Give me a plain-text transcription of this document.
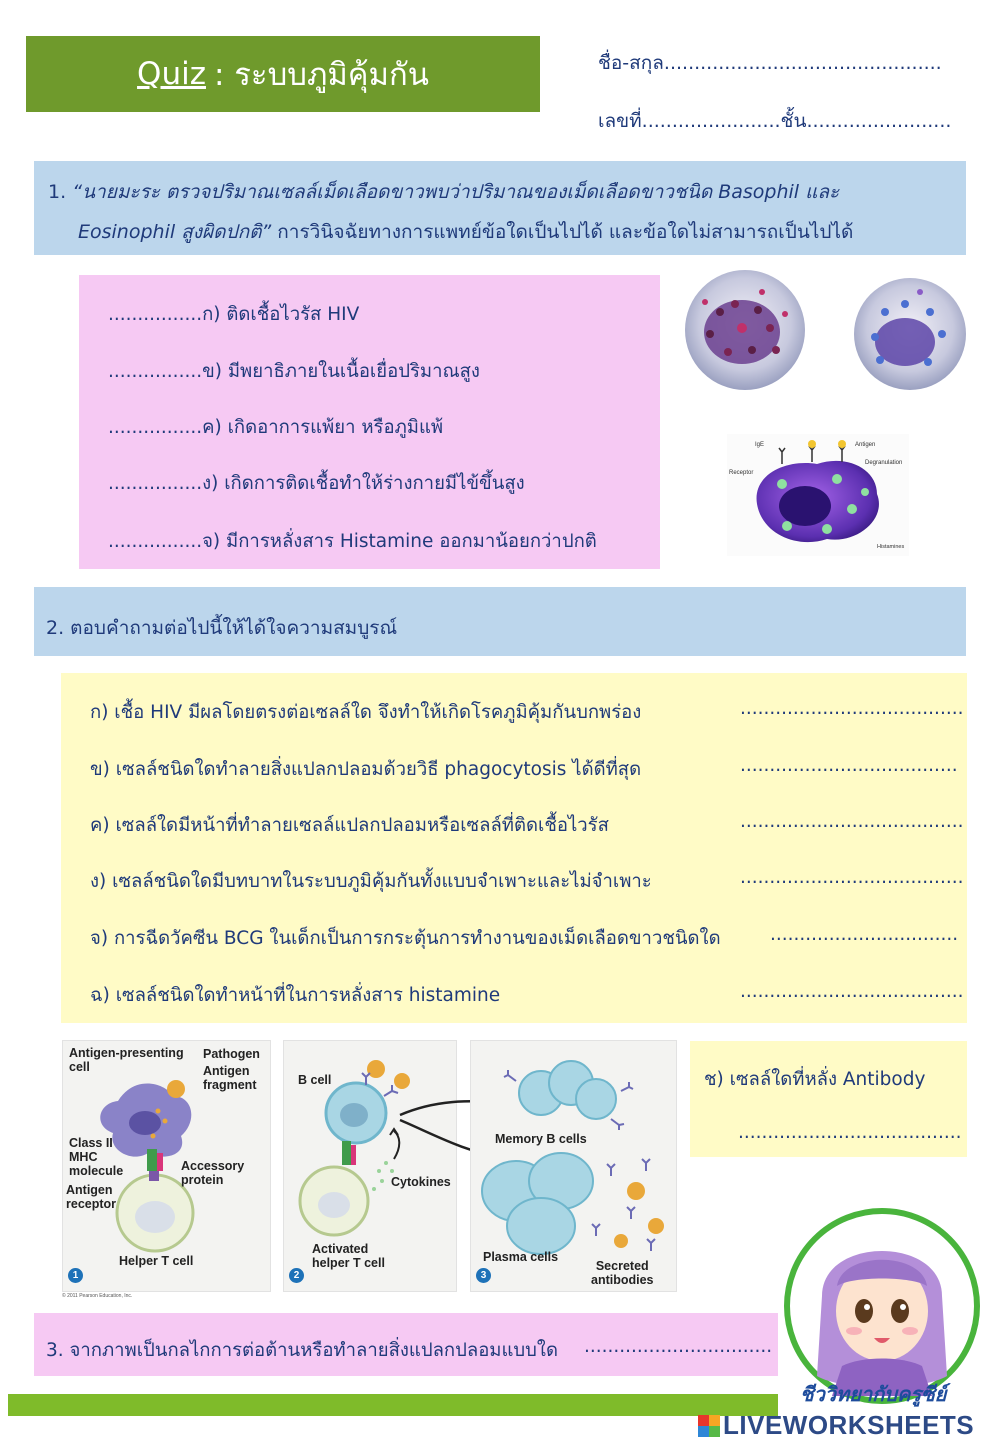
Quiz : ระบบภูมิคุ้มกัน	ชื่อ-สกุล..............................................
เลขที่.......................ชั้น........................
1. “นายมะระ ตรวจปริมาณเซลล์เม็ดเลือดขาวพบว่าปริมาณของเม็ดเลือดขาวชนิด Basophil และ
Eosinophil สูงผิดปกติ” การวินิจฉัยทางการแพทย์ข้อใดเป็นไปได้ และข้อใดไม่สามารถเป็นไปได้
................ก) ติดเชื้อไวรัส HIV
................ข) มีพยาธิภายในเนื้อเยื่อปริมาณสูง
................ค) เกิดอาการแพ้ยา หรือภูมิแพ้
................ง) เกิดการติดเชื้อทำให้ร่างกายมีไข้ขึ้นสูง
................จ) มีการหลั่งสาร Histamine ออกมาน้อยกว่าปกติ
IgE	Antigen
Receptor
Degranulation
Histamines
2. ตอบคำถามต่อไปนี้ให้ได้ใจความสมบูรณ์
ก) เชื้อ HIV มีผลโดยตรงต่อเซลล์ใด จึงทำให้เกิดโรคภูมิคุ้มกันบกพร่อง	......................................
ข) เซลล์ชนิดใดทำลายสิ่งแปลกปลอมด้วยวิธี phagocytosis ได้ดีที่สุด	.....................................
ค) เซลล์ใดมีหน้าที่ทำลายเซลล์แปลกปลอมหรือเซลล์ที่ติดเชื้อไวรัส	......................................
ง) เซลล์ชนิดใดมีบทบาทในระบบภูมิคุ้มกันทั้งแบบจำเพาะและไม่จำเพาะ	......................................
จ) การฉีดวัคซีน BCG ในเด็กเป็นการกระตุ้นการทำงานของเม็ดเลือดขาวชนิดใด	................................
ฉ) เซลล์ชนิดใดทำหน้าที่ในการหลั่งสาร histamine	......................................
Antigen-presenting
cell
Pathogen
Antigen
fragment
Class II
MHC
molecule	Accessory
protein
Antigen
receptor
Helper T cell
1
© 2011 Pearson Education, Inc.
B cell
Cytokines
Activated
helper T cell
2
Memory B cells
Plasma cells
Secreted
antibodies
3
ช) เซลล์ใดที่หลั่ง Antibody
......................................
3. จากภาพเป็นกลไกการต่อต้านหรือทำลายสิ่งแปลกปลอมแบบใด ................................
ชีววิทยากับครูซีย์
LIVEWORKSHEETS
